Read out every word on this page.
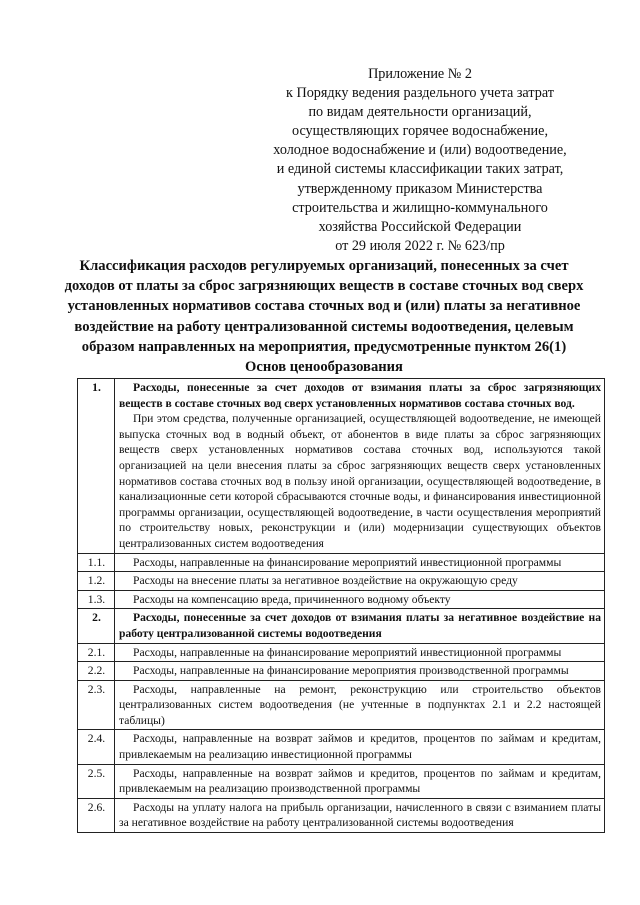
Приложение № 2
к Порядку ведения раздельного учета затрат
по видам деятельности организаций,
осуществляющих горячее водоснабжение,
холодное водоснабжение и (или) водоотведение,
и единой системы классификации таких затрат,
утвержденному приказом Министерства
строительства и жилищно-коммунального
хозяйства Российской Федерации
от 29 июля 2022 г. № 623/пр
Классификация расходов регулируемых организаций, понесенных за счет
доходов от платы за сброс загрязняющих веществ в составе сточных вод сверх
установленных нормативов состава сточных вод и (или) платы за негативное
воздействие на работу централизованной системы водоотведения, целевым
образом направленных на мероприятия, предусмотренные пунктом 26(1)
Основ ценообразования
1.	Расходы, понесенные за счет доходов от взимания платы за сброс загрязняющих веществ в составе сточных вод сверх установленных нормативов состава сточных вод.

При этом средства, полученные организацией, осуществляющей водоотведение, не имеющей выпуска сточных вод в водный объект, от абонентов в виде платы за сброс загрязняющих веществ сверх установленных нормативов состава сточных вод, используются такой организацией на цели внесения платы за сброс загрязняющих веществ сверх установленных нормативов состава сточных вод в пользу иной организации, осуществляющей водоотведение, в канализационные сети которой сбрасываются сточные воды, и финансирования инвестиционной программы организации, осуществляющей водоотведение, в части осуществления мероприятий по строительству новых, реконструкции и (или) модернизации существующих объектов централизованных систем водоотведения

1.1.	Расходы, направленные на финансирование мероприятий инвестиционной программы
1.2.	Расходы на внесение платы за негативное воздействие на окружающую среду
1.3.	Расходы на компенсацию вреда, причиненного водному объекту
2.	Расходы, понесенные за счет доходов от взимания платы за негативное воздействие на работу централизованной системы водоотведения
2.1.	Расходы, направленные на финансирование мероприятий инвестиционной программы
2.2.	Расходы, направленные на финансирование мероприятия производственной программы
2.3.	Расходы, направленные на ремонт, реконструкцию или строительство объектов централизованных систем водоотведения (не учтенные в подпунктах 2.1 и 2.2 настоящей таблицы)
2.4.	Расходы, направленные на возврат займов и кредитов, процентов по займам и кредитам, привлекаемым на реализацию инвестиционной программы
2.5.	Расходы, направленные на возврат займов и кредитов, процентов по займам и кредитам, привлекаемым на реализацию производственной программы
2.6.	Расходы на уплату налога на прибыль организации, начисленного в связи с взиманием платы за негативное воздействие на работу централизованной системы водоотведения
